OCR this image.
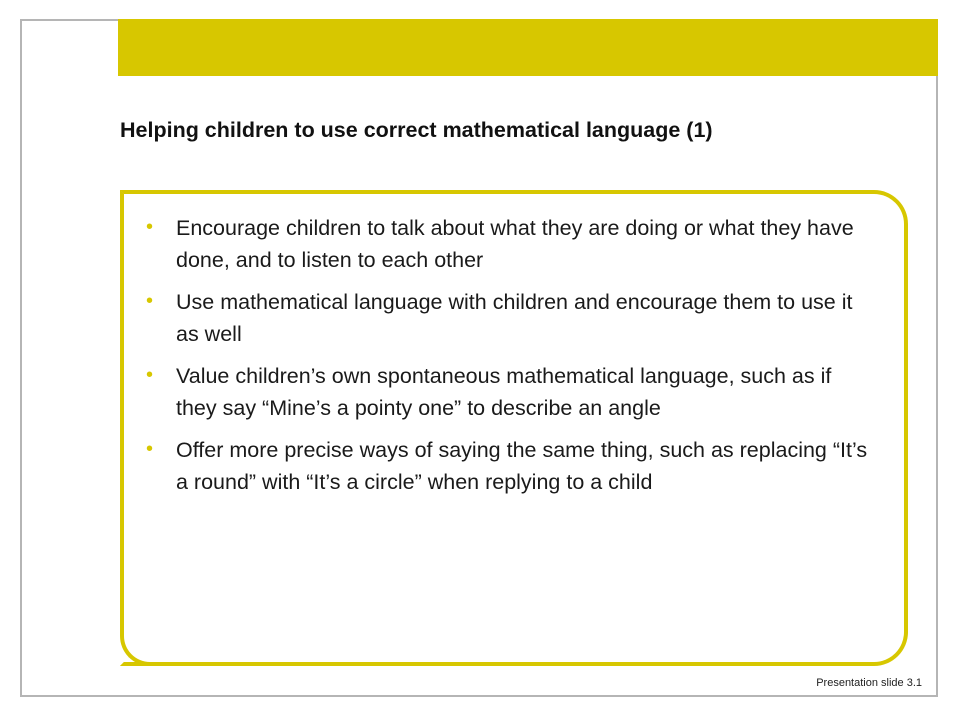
Helping children to use correct mathematical language (1)
•	Encourage children to talk about what they are doing or what they have done, and to listen to each other
•	Use mathematical language with children and encourage them to use it as well
•	Value children’s own spontaneous mathematical language, such as if they say “Mine’s a pointy one” to describe an angle
•	Offer more precise ways of saying the same thing, such as replacing “It’s a round” with “It’s a circle” when replying to a child
Presentation slide 3.1
